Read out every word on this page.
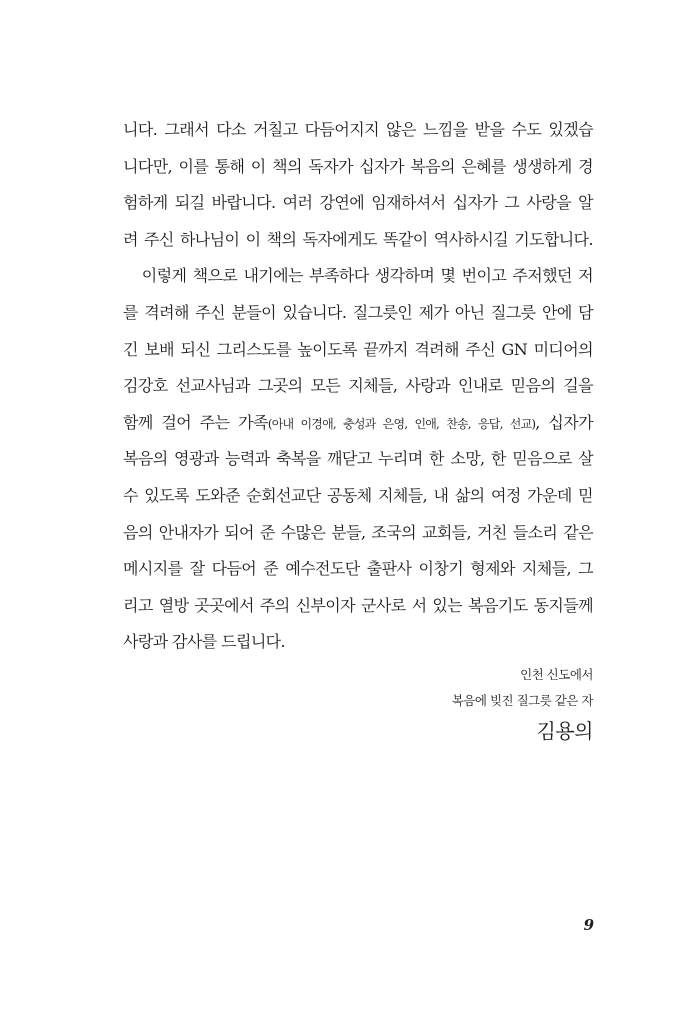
니다. 그래서 다소 거칠고 다듬어지지 않은 느낌을 받을 수도 있겠습
니다만, 이를 통해 이 책의 독자가 십자가 복음의 은혜를 생생하게 경
험하게 되길 바랍니다. 여러 강연에 임재하셔서 십자가 그 사랑을 알
려 주신 하나님이 이 책의 독자에게도 똑같이 역사하시길 기도합니다.
이렇게 책으로 내기에는 부족하다 생각하며 몇 번이고 주저했던 저
를 격려해 주신 분들이 있습니다. 질그릇인 제가 아닌 질그릇 안에 담
긴 보배 되신 그리스도를 높이도록 끝까지 격려해 주신 GN 미디어의
김강호 선교사님과 그곳의 모든 지체들, 사랑과 인내로 믿음의 길을
함께 걸어 주는 가족(아내 이경애, 충성과 은영, 인애, 찬송, 응답, 선교), 십자가
복음의 영광과 능력과 축복을 깨닫고 누리며 한 소망, 한 믿음으로 살
수 있도록 도와준 순회선교단 공동체 지체들, 내 삶의 여정 가운데 믿
음의 안내자가 되어 준 수많은 분들, 조국의 교회들, 거친 들소리 같은
메시지를 잘 다듬어 준 예수전도단 출판사 이창기 형제와 지체들, 그
리고 열방 곳곳에서 주의 신부이자 군사로 서 있는 복음기도 동지들께
사랑과 감사를 드립니다.
인천 신도에서
복음에 빚진 질그릇 같은 자
김용의
9
